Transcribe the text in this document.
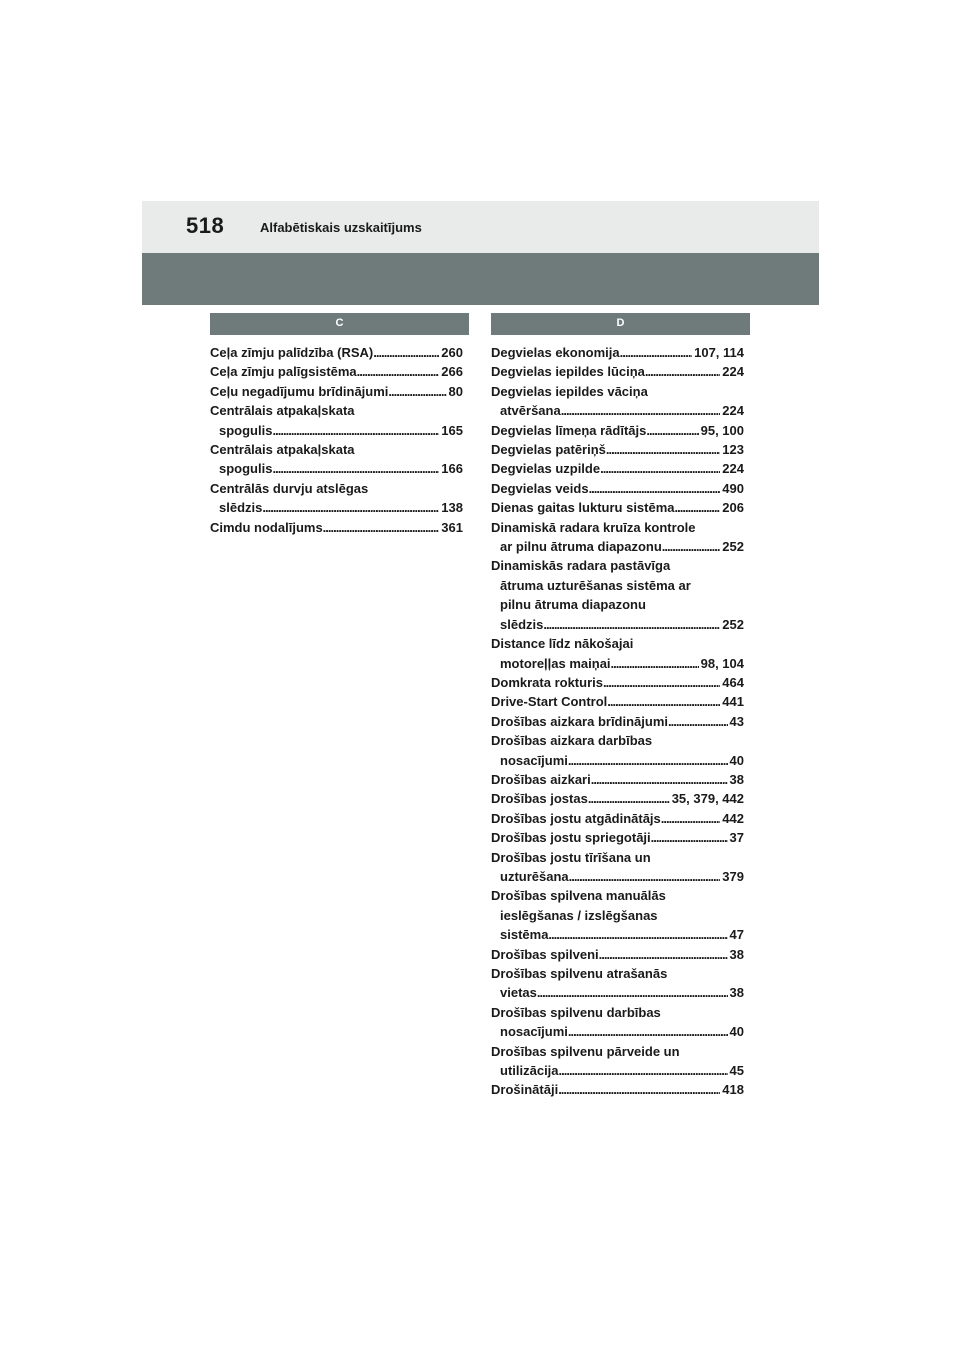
518	Alfabētiskais uzskaitījums
C	D
Ceļa zīmju palīdzība (RSA) . . .	260
Ceļa zīmju palīgsistēma . . .	266
Ceļu negadījumu brīdinājumi . . .	80
Centrālais atpakaļskata
spogulis . . .	165
Centrālais atpakaļskata
spogulis . . .	166
Centrālās durvju atslēgas
slēdzis . . .	138
Cimdu nodalījums . . .	361
Degvielas ekonomija . . .	107, 114
Degvielas iepildes lūciņa . . .	224
Degvielas iepildes vāciņa
atvēršana . . .	224
Degvielas līmeņa rādītājs . . .	95, 100
Degvielas patēriņš . . .	123
Degvielas uzpilde . . .	224
Degvielas veids . . .	490
Dienas gaitas lukturu sistēma . . .	206
Dinamiskā radara kruīza kontrole
ar pilnu ātruma diapazonu . . .	252
Dinamiskās radara pastāvīga
ātruma uzturēšanas sistēma ar
pilnu ātruma diapazonu
slēdzis . . .	252
Distance līdz nākošajai
motoreļļas maiņai . . .	98, 104
Domkrata rokturis . . .	464
Drive-Start Control . . .	441
Drošības aizkara brīdinājumi . . .	43
Drošības aizkara darbības
nosacījumi . . .	40
Drošības aizkari . . .	38
Drošības jostas . . .	35, 379, 442
Drošības jostu atgādinātājs . . .	442
Drošības jostu spriegotāji . . .	37
Drošības jostu tīrīšana un
uzturēšana . . .	379
Drošības spilvena manuālās
ieslēgšanas / izslēgšanas
sistēma . . .	47
Drošības spilveni . . .	38
Drošības spilvenu atrašanās
vietas . . .	38
Drošības spilvenu darbības
nosacījumi . . .	40
Drošības spilvenu pārveide un
utilizācija . . .	45
Drošinātāji . . .	418
